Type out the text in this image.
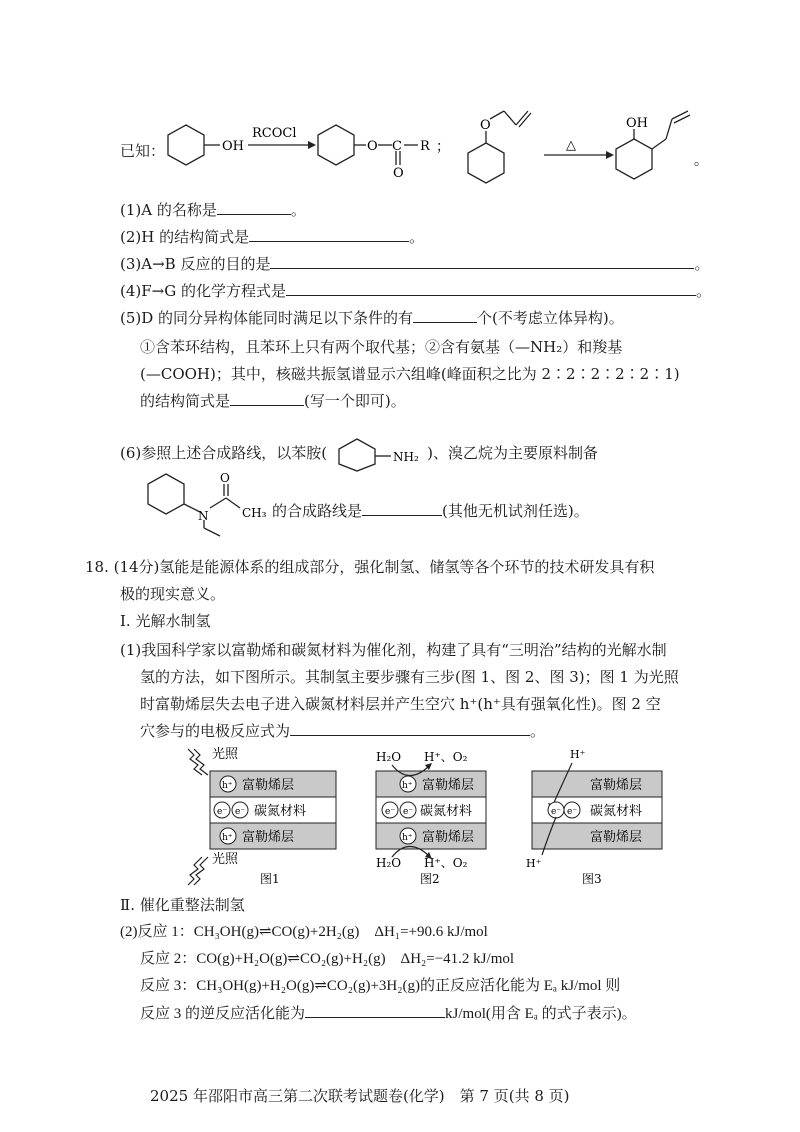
已知：	OH
RCOCl
O C R
O
；
O
△
OH
。
(1)A 的名称是	。
(2)H 的结构简式是	。
(3)A→B 反应的目的是	。
(4)F→G 的化学方程式是	。
(5)D 的同分异构体能同时满足以下条件的有	个(不考虑立体异构)。
①含苯环结构，且苯环上只有两个取代基；②含有氨基（—NH₂）和羧基
(—COOH)；其中，核磁共振氢谱显示六组峰(峰面积之比为 2∶2∶2∶2∶2∶1)
的结构简式是	(写一个即可)。
(6)参照上述合成路线，以苯胺(	NH₂ )、溴乙烷为主要原料制备
O
N	CH₃ 的合成路线是	(其他无机试剂任选)。
18. (14分)氢能是能源体系的组成部分，强化制氢、储氢等各个环节的技术研发具有积
极的现实意义。
Ⅰ. 光解水制氢
(1)我国科学家以富勒烯和碳氮材料为催化剂，构建了具有“三明治”结构的光解水制
氢的方法，如下图所示。其制氢主要步骤有三步(图 1、图 2、图 3)；图 1 为光照
时富勒烯层失去电子进入碳氮材料层并产生空穴 h⁺(h⁺具有强氧化性)。图 2 空
穴参与的电极反应式为	。
光照
光照
h⁺ 富勒烯层
e⁻ e⁻ 碳氮材料
h⁺ 富勒烯层
图1
H₂O H⁺、O₂
h⁺ 富勒烯层
e⁻ e⁻ 碳氮材料
h⁺ 富勒烯层
H₂O H⁺、O₂
图2
H⁺
富勒烯层
e⁻ e⁻ 碳氮材料
富勒烯层
H⁺
图3
Ⅱ. 催化重整法制氢
(2)反应 1：CH₃OH(g)⇌CO(g)+2H₂(g)　ΔH₁=+90.6 kJ/mol
反应 2：CO(g)+H₂O(g)⇌CO₂(g)+H₂(g)　ΔH₂=−41.2 kJ/mol
反应 3：CH₃OH(g)+H₂O(g)⇌CO₂(g)+3H₂(g)的正反应活化能为 Eₐ kJ/mol 则
反应 3 的逆反应活化能为	kJ/mol(用含 Eₐ 的式子表示)。
2025 年邵阳市高三第二次联考试题卷(化学)　第 7 页(共 8 页)
